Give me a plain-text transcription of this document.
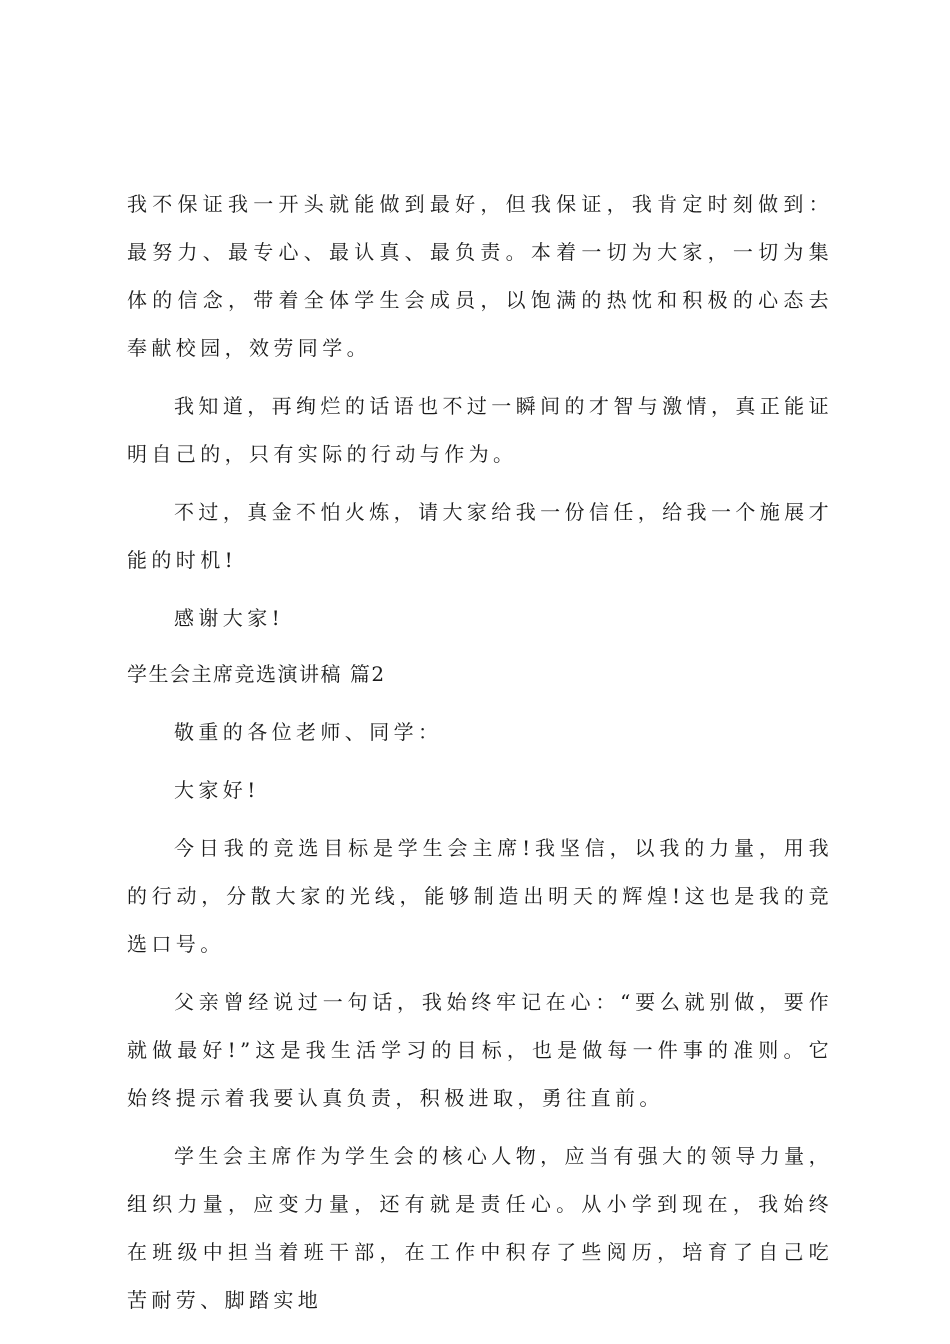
我不保证我一开头就能做到最好，但我保证，我肯定时刻做到：最努力、最专心、最认真、最负责。本着一切为大家，一切为集体的信念，带着全体学生会成员，以饱满的热忱和积极的心态去奉献校园，效劳同学。

我知道，再绚烂的话语也不过一瞬间的才智与激情，真正能证明自己的，只有实际的行动与作为。

不过，真金不怕火炼，请大家给我一份信任，给我一个施展才能的时机!

感谢大家!

学生会主席竞选演讲稿 篇2

敬重的各位老师、同学：

大家好!

今日我的竞选目标是学生会主席!我坚信，以我的力量，用我的行动，分散大家的光线，能够制造出明天的辉煌!这也是我的竞选口号。

父亲曾经说过一句话，我始终牢记在心：“要么就别做，要作就做最好!”这是我生活学习的目标，也是做每一件事的准则。它始终提示着我要认真负责，积极进取，勇往直前。

学生会主席作为学生会的核心人物，应当有强大的领导力量，组织力量，应变力量，还有就是责任心。从小学到现在，我始终在班级中担当着班干部，在工作中积存了些阅历，培育了自己吃苦耐劳、脚踏实地
